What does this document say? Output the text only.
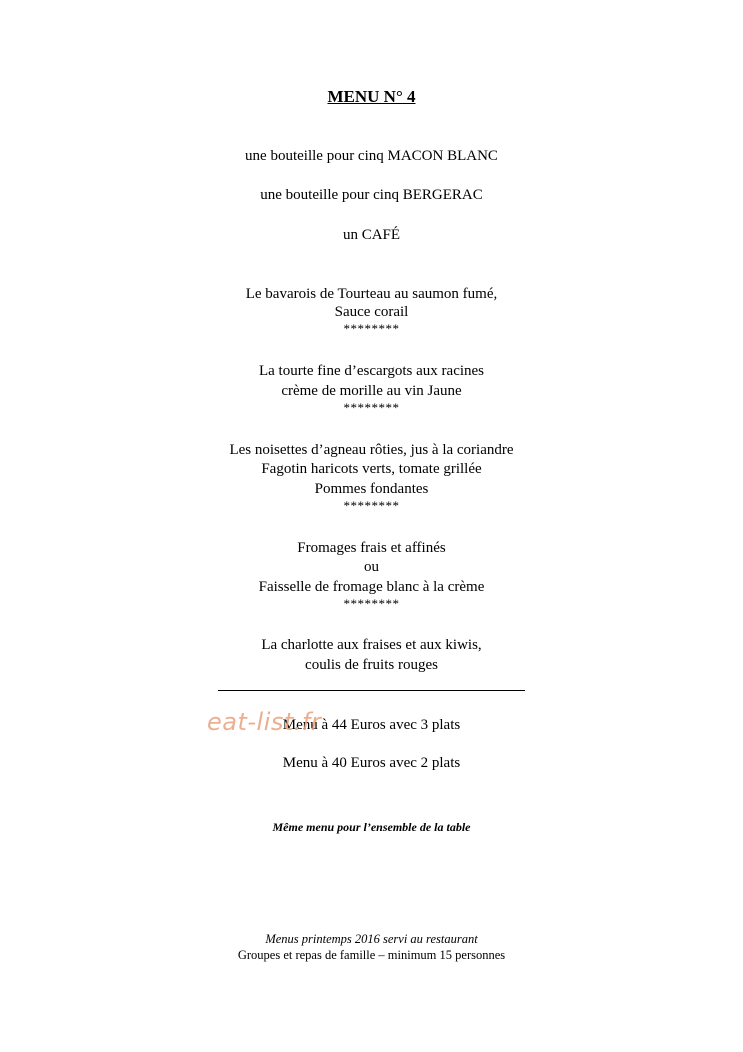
MENU N° 4
une bouteille pour cinq MACON BLANC
une bouteille pour cinq BERGERAC
un CAFÉ
Le bavarois de Tourteau au saumon fumé,
Sauce corail
********
La tourte fine d’escargots aux racines
crème de morille au vin Jaune
********
Les noisettes d’agneau rôties, jus à la coriandre
Fagotin haricots verts, tomate grillée
Pommes fondantes
********
Fromages frais et affinés
ou
Faisselle de fromage blanc à la crème
********
La charlotte aux fraises et aux kiwis,
coulis de fruits rouges
Menu à 44 Euros avec 3 plats
Menu à 40 Euros avec 2 plats
Même menu pour l’ensemble de la table
Menus printemps 2016 servi au restaurant
Groupes et repas de famille – minimum 15 personnes
eat-list.fr
